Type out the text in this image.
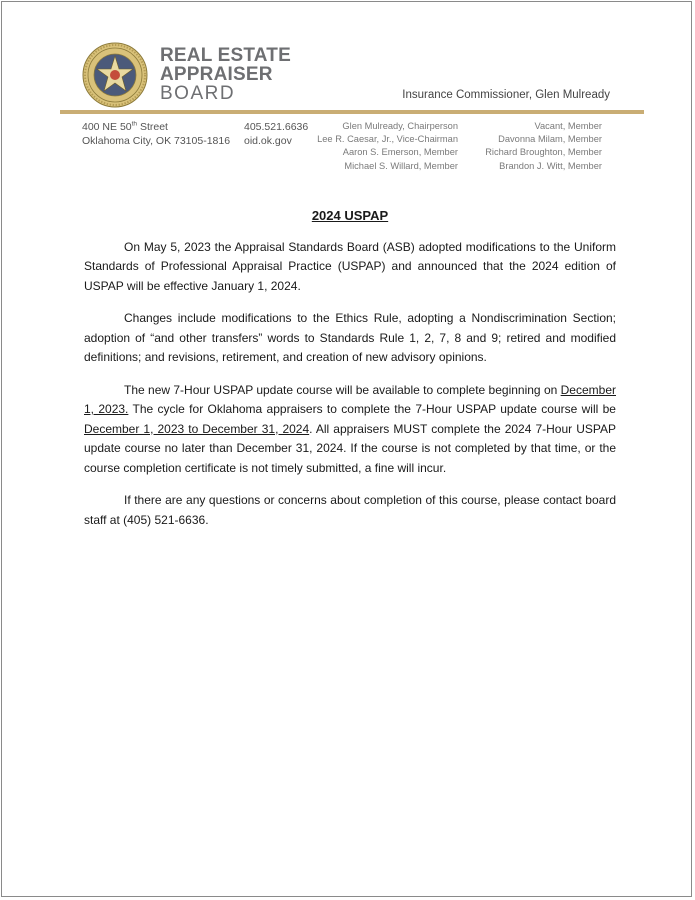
REAL ESTATE
APPRAISER
BOARD	Insurance Commissioner, Glen Mulready
400 NE 50th Street
Oklahoma City, OK 73105-1816
405.521.6636
oid.ok.gov
Glen Mulready, Chairperson
Lee R. Caesar, Jr., Vice-Chairman
Aaron S. Emerson, Member
Michael S. Willard, Member
Vacant, Member
Davonna Milam, Member
Richard Broughton, Member
Brandon J. Witt, Member
2024 USPAP

On May 5, 2023 the Appraisal Standards Board (ASB) adopted modifications to the Uniform Standards of Professional Appraisal Practice (USPAP) and announced that the 2024 edition of USPAP will be effective January 1, 2024.

Changes include modifications to the Ethics Rule, adopting a Nondiscrimination Section; adoption of “and other transfers” words to Standards Rule 1, 2, 7, 8 and 9; retired and modified definitions; and revisions, retirement, and creation of new advisory opinions.

The new 7-Hour USPAP update course will be available to complete beginning on December 1, 2023. The cycle for Oklahoma appraisers to complete the 7-Hour USPAP update course will be December 1, 2023 to December 31, 2024. All appraisers MUST complete the 2024 7-Hour USPAP update course no later than December 31, 2024. If the course is not completed by that time, or the course completion certificate is not timely submitted, a fine will incur.

If there are any questions or concerns about completion of this course, please contact board staff at (405) 521-6636.
